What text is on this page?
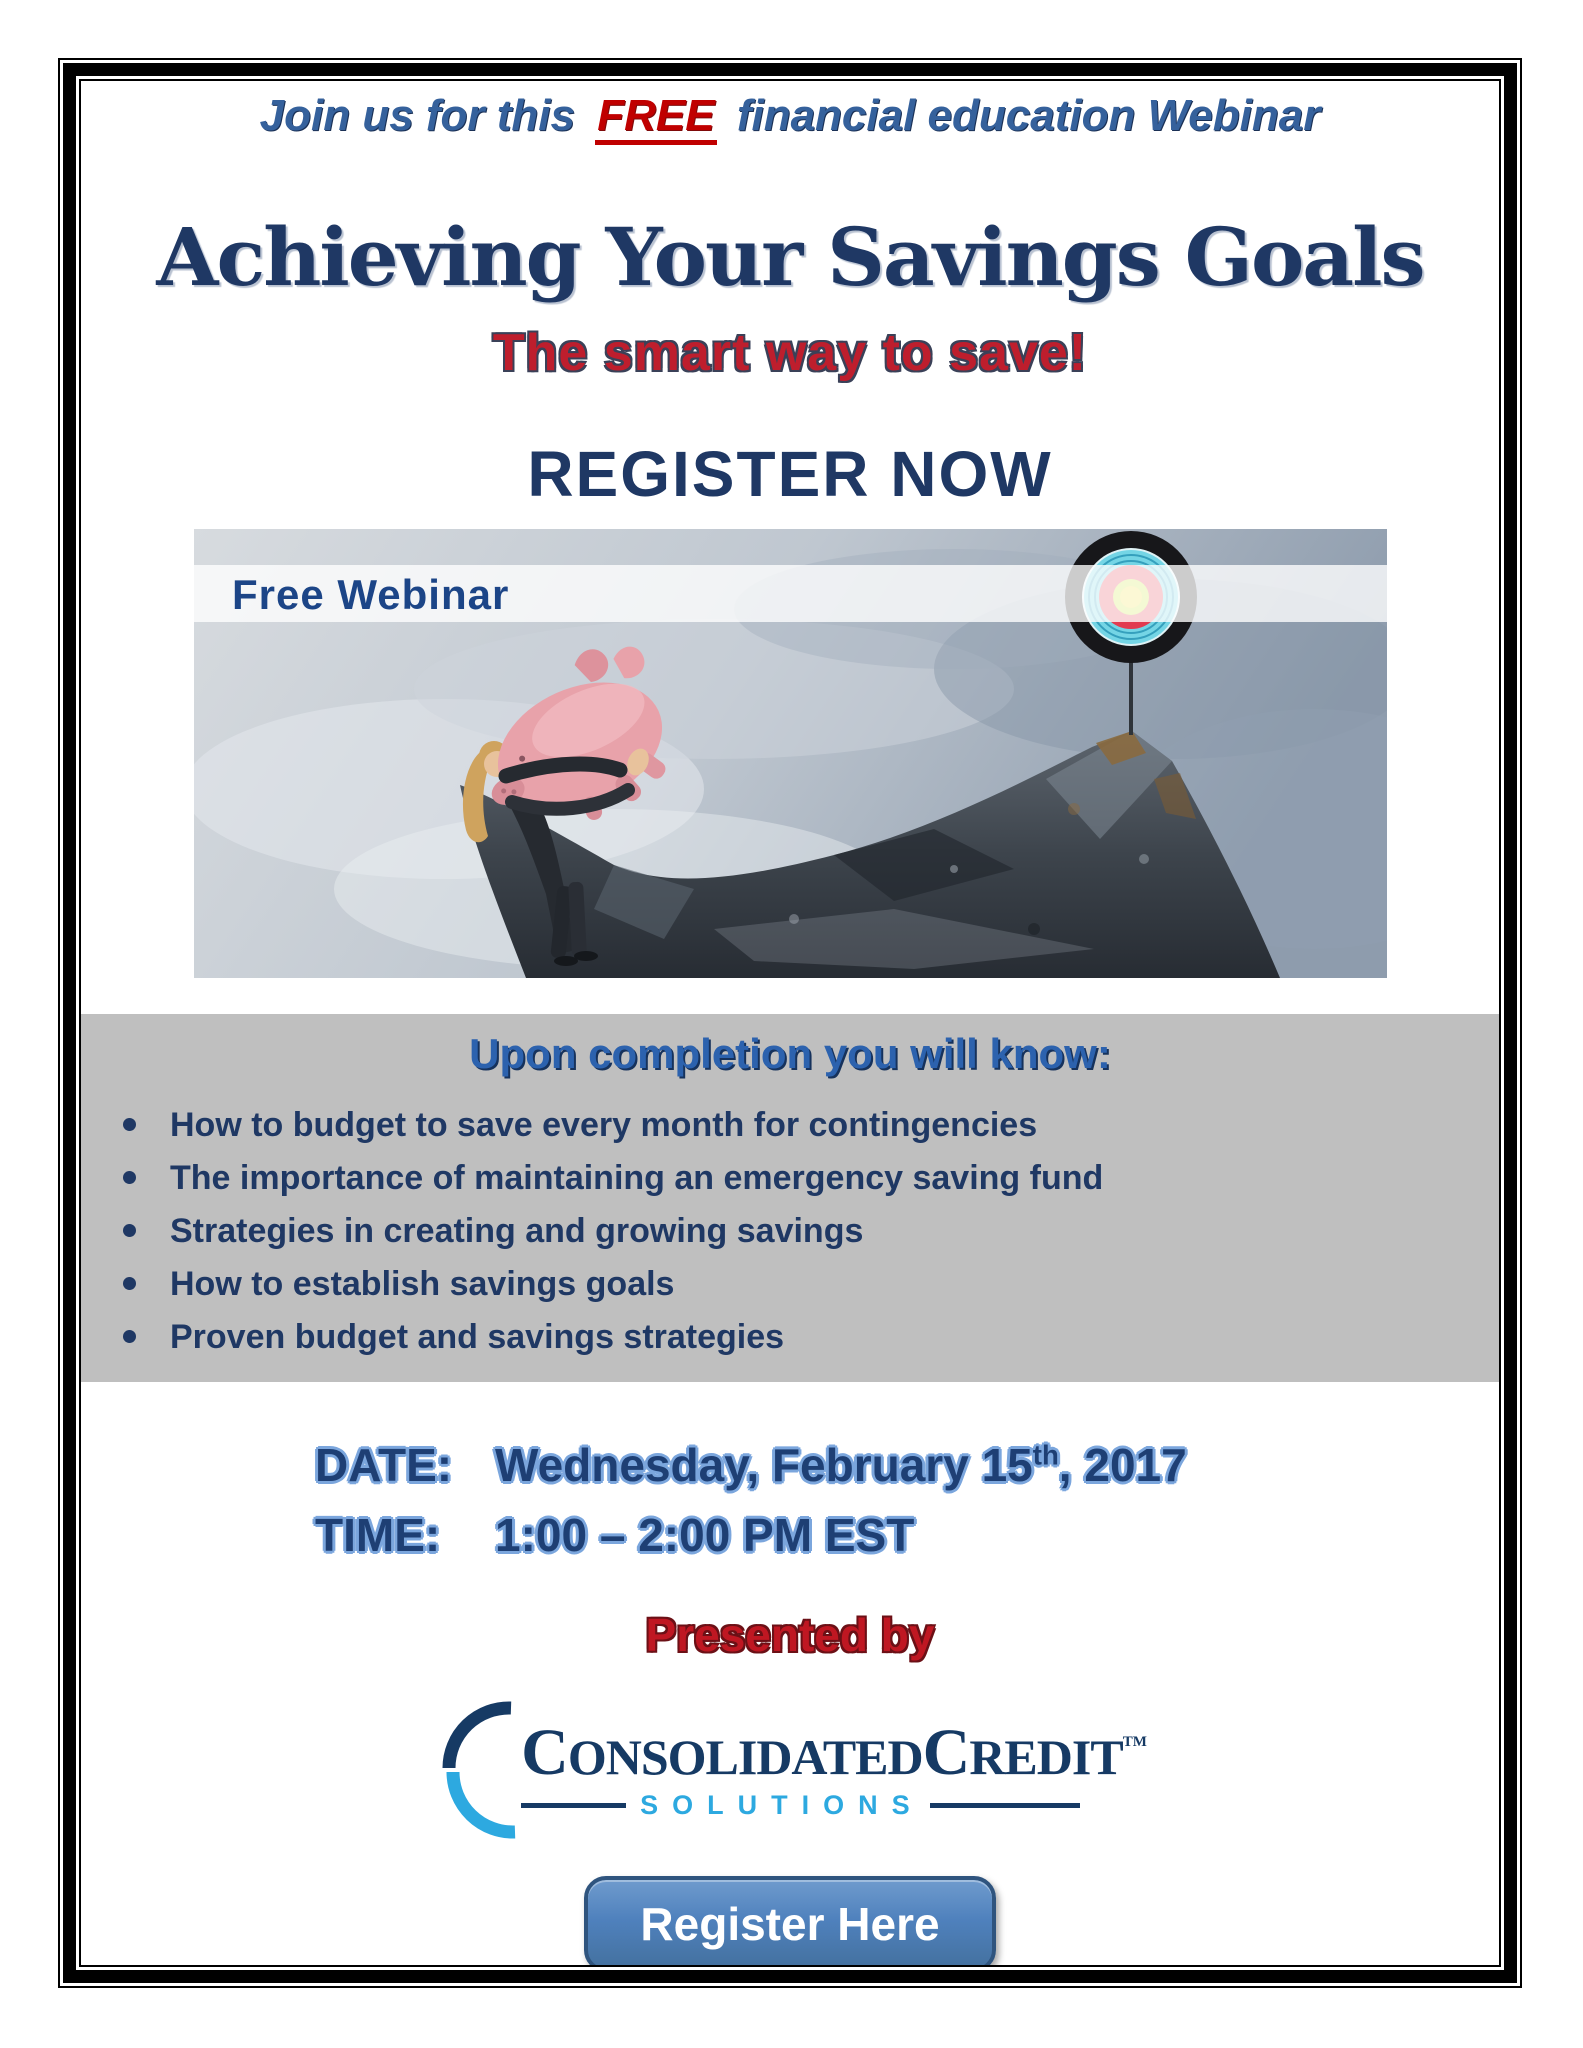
Join us for this FREE financial education Webinar
Achieving Your Savings Goals
The smart way to save!
REGISTER NOW
Free Webinar
Upon completion you will know:
How to budget to save every month for contingencies
The importance of maintaining an emergency saving fund
Strategies in creating and growing savings
How to establish savings goals
Proven budget and savings strategies
DATE: Wednesday, February 15th, 2017
TIME: 1:00 – 2:00 PM EST
Presented by
CONSOLIDATEDCREDIT™
SOLUTIONS
Register Here
